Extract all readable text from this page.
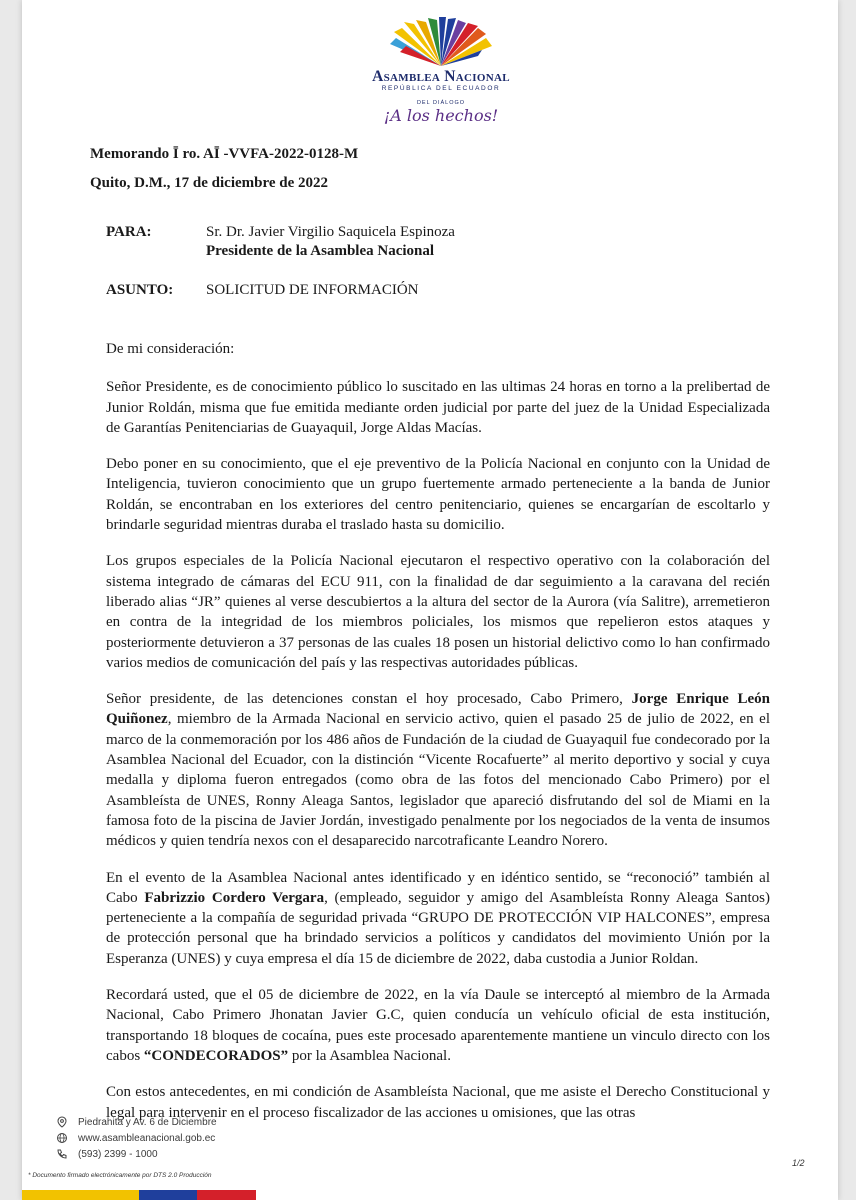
Asamblea Nacional
REPÚBLICA DEL ECUADOR
DEL DIÁLOGO
¡A los hechos!
Memorando Ī ro. AĪ -VVFA-2022-0128-M
Quito, D.M., 17 de diciembre de 2022
PARA:	Sr. Dr. Javier Virgilio Saquicela Espinoza
Presidente de la Asamblea Nacional
ASUNTO: SOLICITUD DE INFORMACIÓN

De mi consideración:

Señor Presidente, es de conocimiento público lo suscitado en las ultimas 24 horas en torno a la prelibertad de Junior Roldán, misma que fue emitida mediante orden judicial por parte del juez de la Unidad Especializada de Garantías Penitenciarias de Guayaquil, Jorge Aldas Macías.

Debo poner en su conocimiento, que el eje preventivo de la Policía Nacional en conjunto con la Unidad de Inteligencia, tuvieron conocimiento que un grupo fuertemente armado perteneciente a la banda de Junior Roldán, se encontraban en los exteriores del centro penitenciario, quienes se encargarían de escoltarlo y brindarle seguridad mientras duraba el traslado hasta su domicilio.

Los grupos especiales de la Policía Nacional ejecutaron el respectivo operativo con la colaboración del sistema integrado de cámaras del ECU 911, con la finalidad de dar seguimiento a la caravana del recién liberado alias “JR” quienes al verse descubiertos a la altura del sector de la Aurora (vía Salitre), arremetieron en contra de la integridad de los miembros policiales, los mismos que repelieron estos ataques y posteriormente detuvieron a 37 personas de las cuales 18 posen un historial delictivo como lo han confirmado varios medios de comunicación del país y las respectivas autoridades públicas.

Señor presidente, de las detenciones constan el hoy procesado, Cabo Primero, Jorge Enrique León Quiñonez, miembro de la Armada Nacional en servicio activo, quien el pasado 25 de julio de 2022, en el marco de la conmemoración por los 486 años de Fundación de la ciudad de Guayaquil fue condecorado por la Asamblea Nacional del Ecuador, con la distinción “Vicente Rocafuerte” al merito deportivo y social y cuya medalla y diploma fueron entregados (como obra de las fotos del mencionado Cabo Primero) por el Asambleísta de UNES, Ronny Aleaga Santos, legislador que apareció disfrutando del sol de Miami en la famosa foto de la piscina de Javier Jordán, investigado penalmente por los negociados de la venta de insumos médicos y quien tendría nexos con el desaparecido narcotraficante Leandro Norero.

En el evento de la Asamblea Nacional antes identificado y en idéntico sentido, se “reconoció” también al Cabo Fabrizzio Cordero Vergara, (empleado, seguidor y amigo del Asambleísta Ronny Aleaga Santos) perteneciente a la compañía de seguridad privada “GRUPO DE PROTECCIÓN VIP HALCONES”, empresa de protección personal que ha brindado servicios a políticos y candidatos del movimiento Unión por la Esperanza (UNES) y cuya empresa el día 15 de diciembre de 2022, daba custodia a Junior Roldan.

Recordará usted, que el 05 de diciembre de 2022, en la vía Daule se interceptó al miembro de la Armada Nacional, Cabo Primero Jhonatan Javier G.C, quien conducía un vehículo oficial de esta institución, transportando 18 bloques de cocaína, pues este procesado aparentemente mantiene un vinculo directo con los cabos “CONDECORADOS” por la Asamblea Nacional.

Con estos antecedentes, en mi condición de Asambleísta Nacional, que me asiste el Derecho Constitucional y legal para intervenir en el proceso fiscalizador de las acciones u omisiones, que las otras

Piedrahita y Av. 6 de Diciembre
www.asambleanacional.gob.ec
(593) 2399 - 1000
* Documento firmado electrónicamente por DTS 2.0 Producción
1/2
